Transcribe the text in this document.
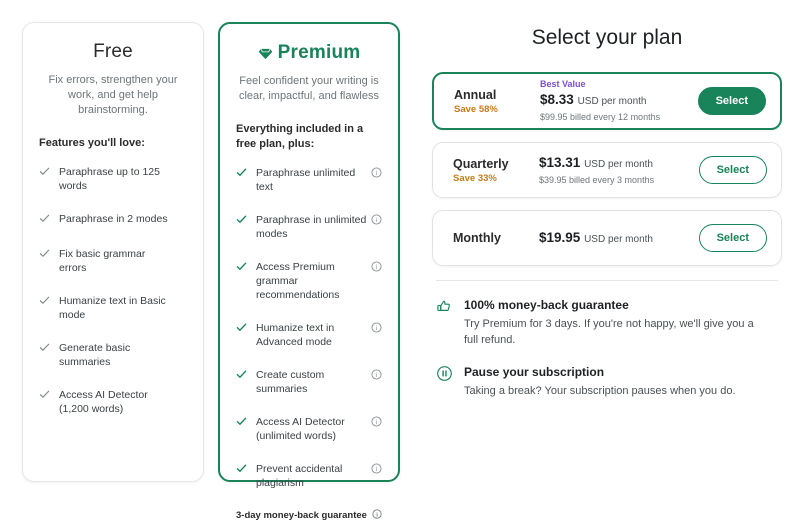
Free
Fix errors, strengthen your work, and get help brainstorming.
Features you'll love:
Paraphrase up to 125 words
Paraphrase in 2 modes
Fix basic grammar errors
Humanize text in Basic mode
Generate basic summaries
Access AI Detector (1,200 words)
Premium
Feel confident your writing is clear, impactful, and flawless
Everything included in a free plan, plus:
Paraphrase unlimited text
i
Paraphrase in unlimited modes
i
Access Premium grammar recommendations
i
Humanize text in Advanced mode
i
Create custom summaries
i
Access AI Detector (unlimited words)
i
Prevent accidental plagiarism
i
3-day money-back guarantee i
Select your plan
Annual
Save 58%
Best Value
$8.33 USD per month
$99.95 billed every 12 months
Select
Quarterly
Save 33%
$13.31 USD per month
$39.95 billed every 3 months
Select
Monthly	$19.95 USD per month	Select
100% money-back guarantee
Try Premium for 3 days. If you're not happy, we'll give you a full refund.
Pause your subscription
Taking a break? Your subscription pauses when you do.
